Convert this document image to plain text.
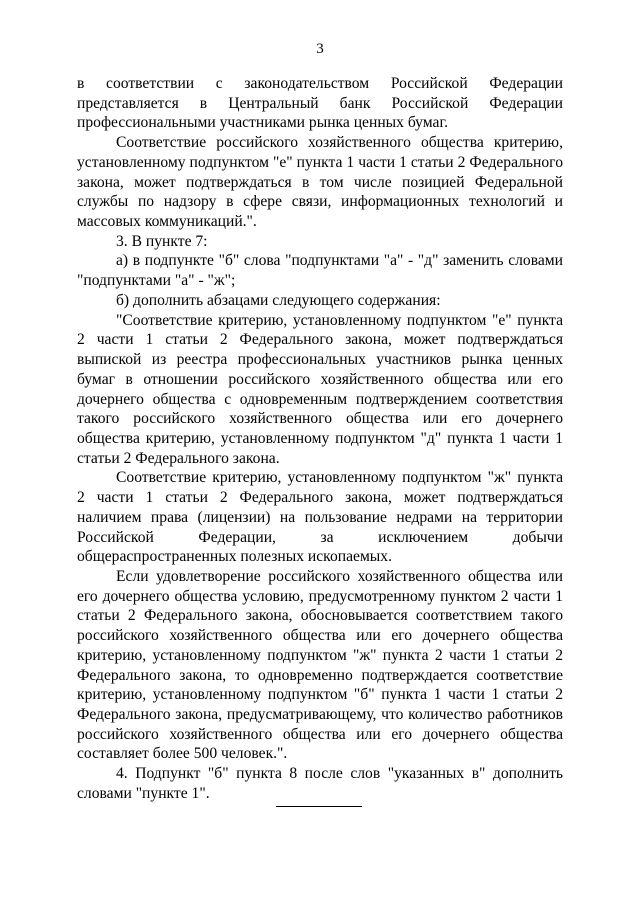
3

в соответствии с законодательством Российской Федерации представляется в Центральный банк Российской Федерации профессиональными участниками рынка ценных бумаг.

Соответствие российского хозяйственного общества критерию, установленному подпунктом "е" пункта 1 части 1 статьи 2 Федерального закона, может подтверждаться в том числе позицией Федеральной службы по надзору в сфере связи, информационных технологий и массовых коммуникаций.".

3. В пункте 7:

а) в подпункте "б" слова "подпунктами "а" - "д" заменить словами "подпунктами "а" - "ж";

б) дополнить абзацами следующего содержания:

"Соответствие критерию, установленному подпунктом "е" пункта 2 части 1 статьи 2 Федерального закона, может подтверждаться выпиской из реестра профессиональных участников рынка ценных бумаг в отношении российского хозяйственного общества или его дочернего общества с одновременным подтверждением соответствия такого российского хозяйственного общества или его дочернего общества критерию, установленному подпунктом "д" пункта 1 части 1 статьи 2 Федерального закона.

Соответствие критерию, установленному подпунктом "ж" пункта 2 части 1 статьи 2 Федерального закона, может подтверждаться наличием права (лицензии) на пользование недрами на территории Российской Федерации, за исключением добычи общераспространенных полезных ископаемых.

Если удовлетворение российского хозяйственного общества или его дочернего общества условию, предусмотренному пунктом 2 части 1 статьи 2 Федерального закона, обосновывается соответствием такого российского хозяйственного общества или его дочернего общества критерию, установленному подпунктом "ж" пункта 2 части 1 статьи 2 Федерального закона, то одновременно подтверждается соответствие критерию, установленному подпунктом "б" пункта 1 части 1 статьи 2 Федерального закона, предусматривающему, что количество работников российского хозяйственного общества или его дочернего общества составляет более 500 человек.".

4. Подпункт "б" пункта 8 после слов "указанных в" дополнить словами "пункте 1".
